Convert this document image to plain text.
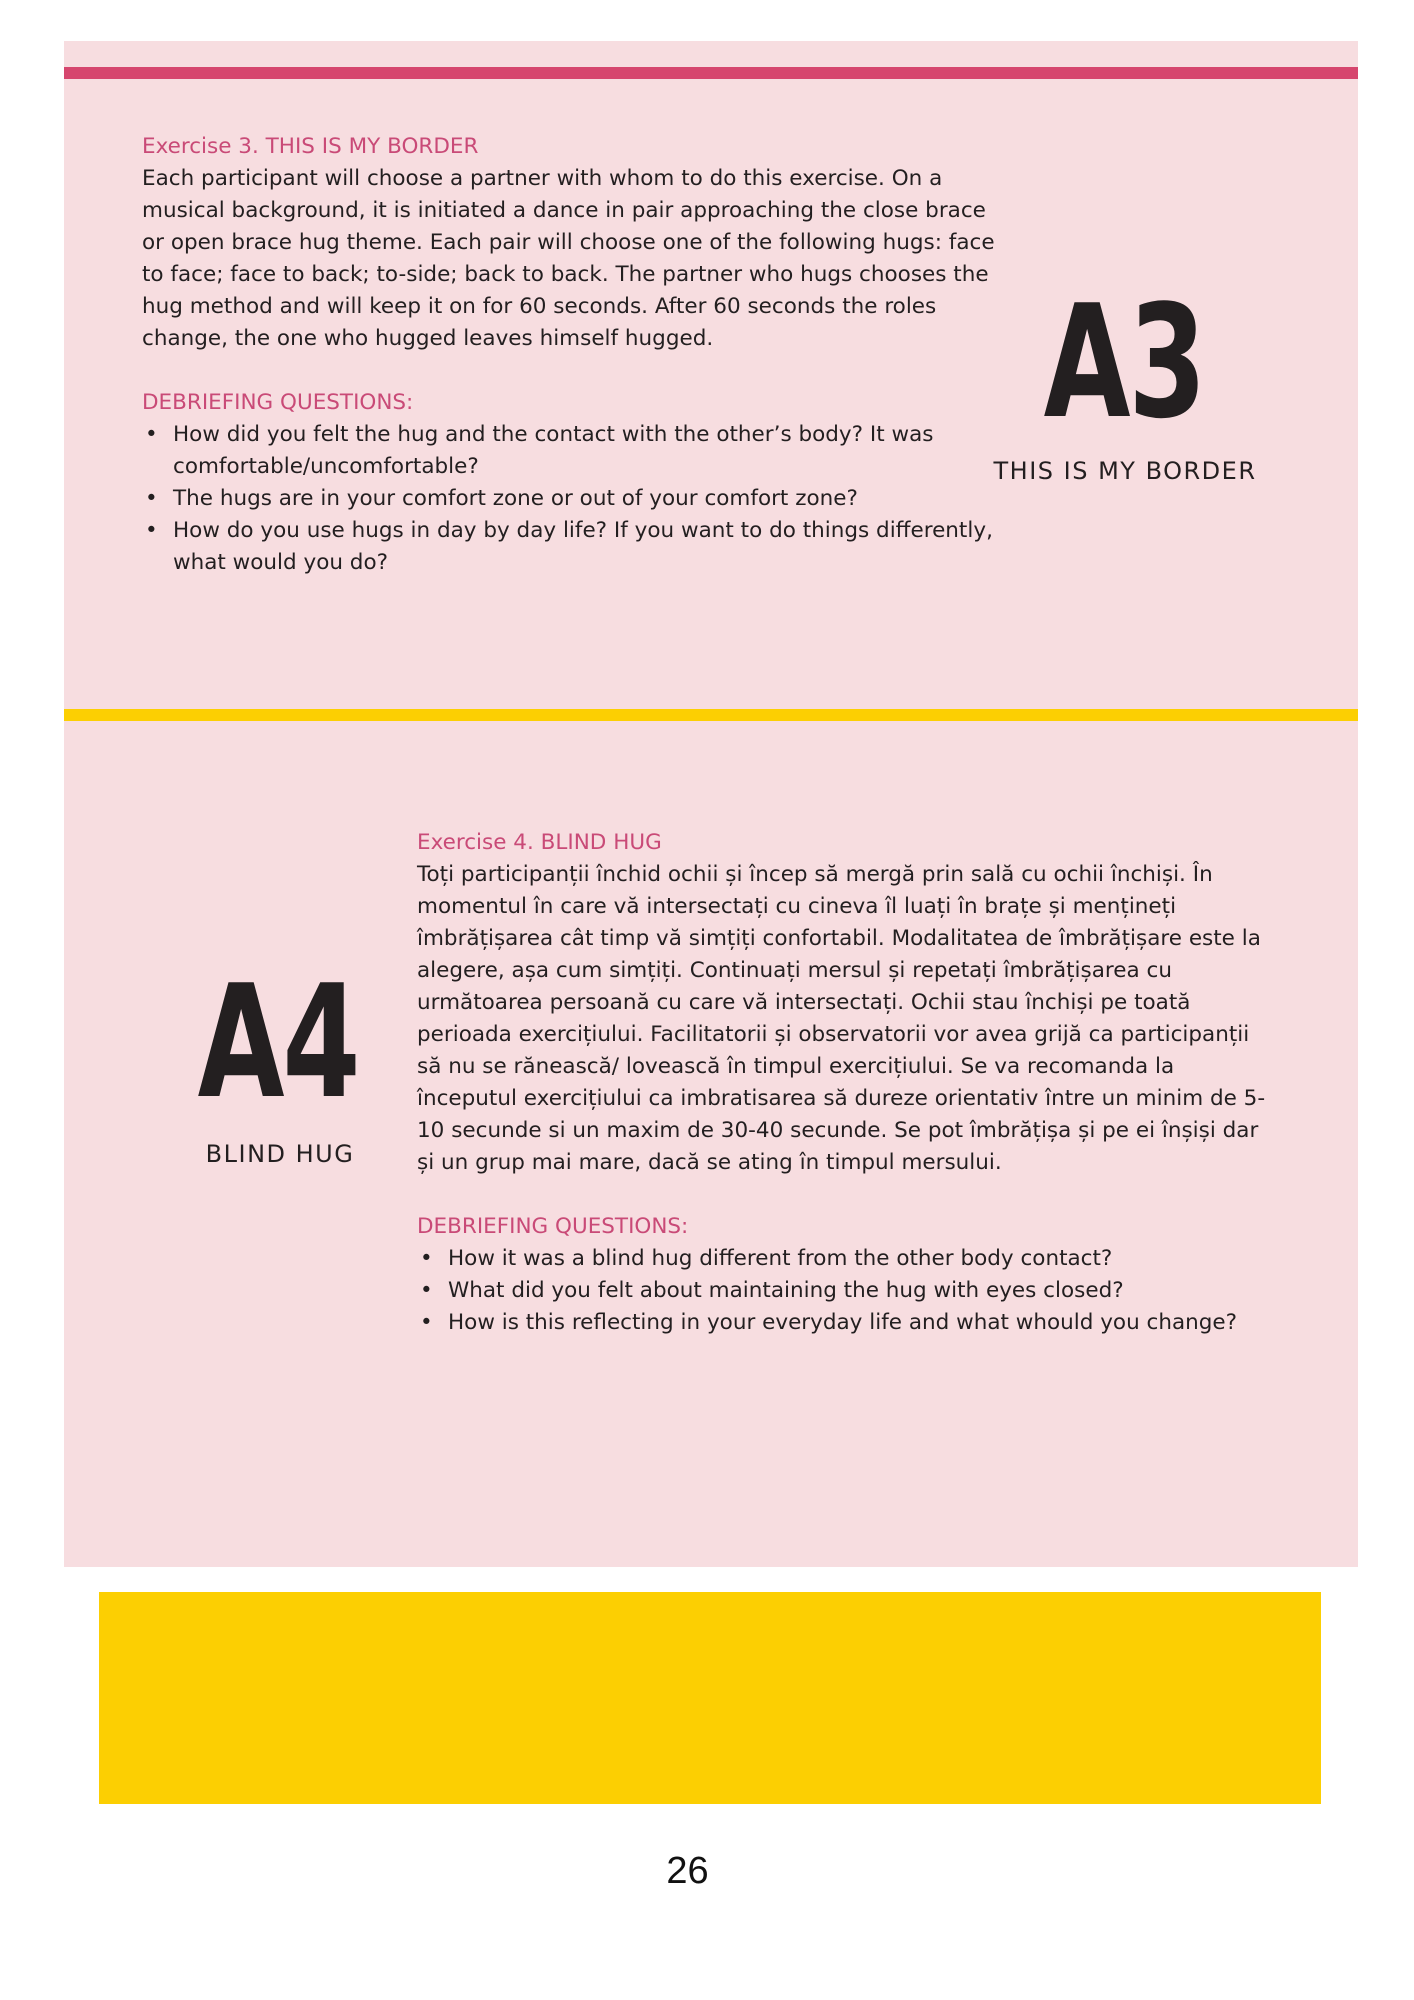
Exercise 3. THIS IS MY BORDER

Each participant will choose a partner with whom to do this exercise. On a musical background, it is initiated a dance in pair approaching the close brace or open brace hug theme. Each pair will choose one of the following hugs: face to face; face to back; to-side; back to back. The partner who hugs chooses the hug method and will keep it on for 60 seconds. After 60 seconds the roles change, the one who hugged leaves himself hugged.

DEBRIEFING QUESTIONS:

• How did you felt the hug and the contact with the other’s body? It was comfortable/uncomfortable?
• The hugs are in your comfort zone or out of your comfort zone?
• How do you use hugs in day by day life? If you want to do things differently, what would you do?
A3
THIS IS MY BORDER
A4
BLIND HUG

Exercise 4. BLIND HUG

Toți participanții închid ochii și încep să mergă prin sală cu ochii închiși. În momentul în care vă intersectați cu cineva îl luați în brațe și mențineți îmbrățișarea cât timp vă simțiți confortabil. Modalitatea de îmbrățișare este la alegere, așa cum simțiți. Continuați mersul și repetați îmbrățișarea cu următoarea persoană cu care vă intersectați. Ochii stau închiși pe toată perioada exercițiului. Facilitatorii și observatorii vor avea grijă ca participanții să nu se rănească/ lovească în timpul exercițiului. Se va recomanda la începutul exercițiului ca imbratisarea să dureze orientativ între un minim de 5-10 secunde si un maxim de 30-40 secunde. Se pot îmbrățișa și pe ei înșiși dar și un grup mai mare, dacă se ating în timpul mersului.

DEBRIEFING QUESTIONS:

• How it was a blind hug different from the other body contact?
• What did you felt about maintaining the hug with eyes closed?
• How is this reflecting in your everyday life and what whould you change?
26
